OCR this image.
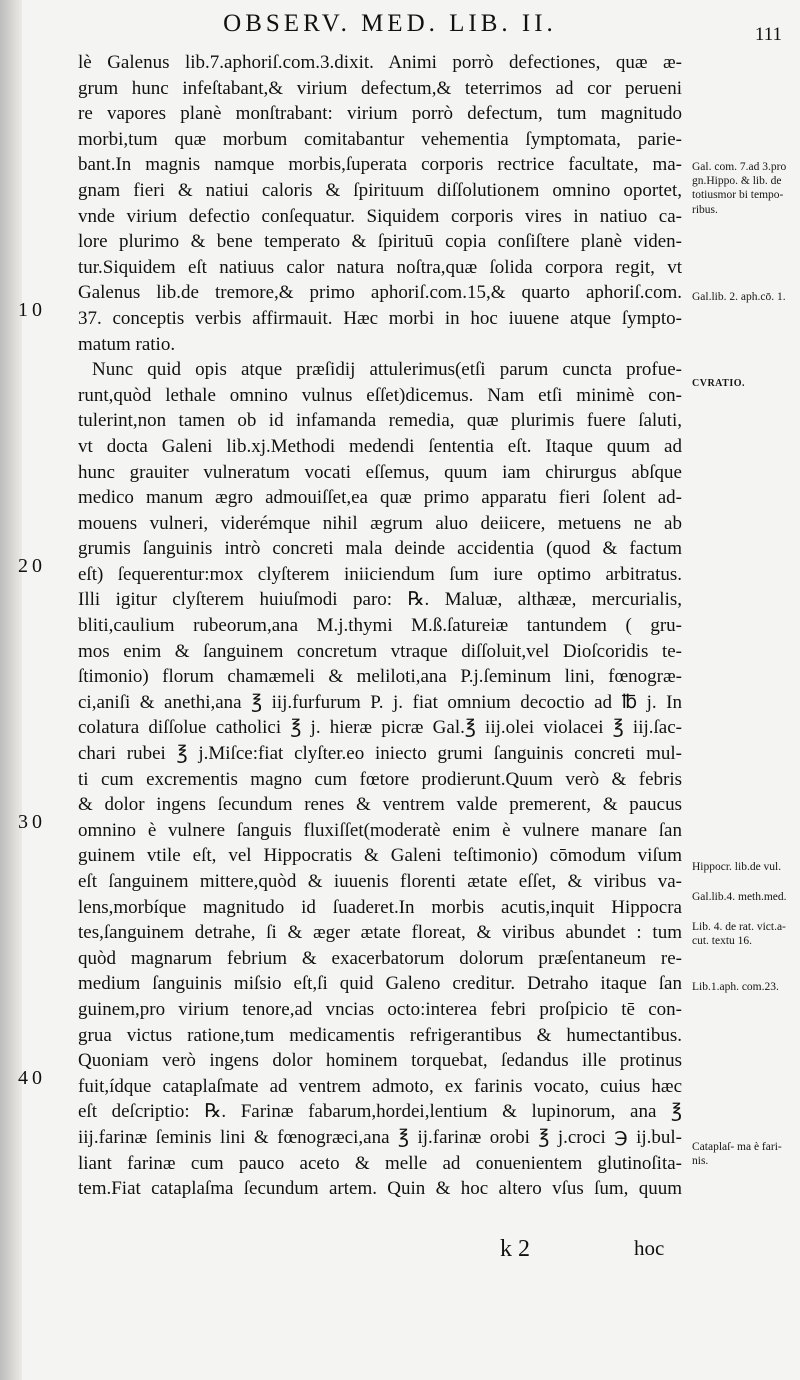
OBSERV. MED. LIB. II.	111
lè Galenus lib.7.aphoriſ.com.3.dixit. Animi porrò defectiones, quæ æ-
grum hunc infeſtabant,& virium defectum,& teterrimos ad cor perueni
re vapores planè monſtrabant: virium porrò defectum, tum magnitudo
morbi,tum quæ morbum comitabantur vehementia ſymptomata, parie-
bant.In magnis namque morbis,ſuperata corporis rectrice facultate, ma-
gnam fieri & natiui caloris & ſpirituum diſſolutionem omnino oportet,
vnde virium defectio conſequatur. Siquidem corporis vires in natiuo ca-
lore plurimo & bene temperato & ſpirituū copia conſiſtere planè viden-
tur.Siquidem eſt natiuus calor natura noſtra,quæ ſolida corpora regit, vt
Galenus lib.de tremore,& primo aphoriſ.com.15,& quarto aphoriſ.com.
37. conceptis verbis affirmauit. Hæc morbi in hoc iuuene atque ſympto-
matum ratio.
Nunc quid opis atque præſidij attulerimus(etſi parum cuncta profue-
runt,quòd lethale omnino vulnus eſſet)dicemus. Nam etſi minimè con-
tulerint,non tamen ob id infamanda remedia, quæ plurimis fuere ſaluti,
vt docta Galeni lib.xj.Methodi medendi ſententia eſt. Itaque quum ad
hunc grauiter vulneratum vocati eſſemus, quum iam chirurgus abſque
medico manum ægro admouiſſet,ea quæ primo apparatu fieri ſolent ad-
mouens vulneri, viderémque nihil ægrum aluo deiicere, metuens ne ab
grumis ſanguinis intrò concreti mala deinde accidentia (quod & factum
eſt) ſequerentur:mox clyſterem iniiciendum ſum iure optimo arbitratus.
Illi igitur clyſterem huiuſmodi paro: ℞. Maluæ, althææ, mercurialis,
bliti,caulium rubeorum,ana M.j.thymi M.ß.ſatureiæ tantundem ( gru-
mos enim & ſanguinem concretum vtraque diſſoluit,vel Dioſcoridis te-
ſtimonio) florum chamæmeli & meliloti,ana P.j.ſeminum lini, fœnogræ-
ci,aniſi & anethi,ana ℥ iij.furfurum P. j. fiat omnium decoctio ad ℔ j. In
colatura diſſolue catholici ℥ j. hieræ picræ Gal.℥ iij.olei violacei ℥ iij.ſac-
chari rubei ℥ j.Miſce:fiat clyſter.eo iniecto grumi ſanguinis concreti mul-
ti cum excrementis magno cum fœtore prodierunt.Quum verò & febris
& dolor ingens ſecundum renes & ventrem valde premerent, & paucus
omnino è vulnere ſanguis fluxiſſet(moderatè enim è vulnere manare ſan
guinem vtile eſt, vel Hippocratis & Galeni teſtimonio) cōmodum viſum
eſt ſanguinem mittere,quòd & iuuenis florenti ætate eſſet, & viribus va-
lens,morbíque magnitudo id ſuaderet.In morbis acutis,inquit Hippocra
tes,ſanguinem detrahe, ſi & æger ætate floreat, & viribus abundet : tum
quòd magnarum febrium & exacerbatorum dolorum præſentaneum re-
medium ſanguinis miſsio eſt,ſi quid Galeno creditur. Detraho itaque ſan
guinem,pro virium tenore,ad vncias octo:interea febri proſpicio tē con-
grua victus ratione,tum medicamentis refrigerantibus & humectantibus.
Quoniam verò ingens dolor hominem torquebat, ſedandus ille protinus
fuit,ídque cataplaſmate ad ventrem admoto, ex farinis vocato, cuius hæc
eſt deſcriptio: ℞. Farinæ fabarum,hordei,lentium & lupinorum, ana ℥
iij.farinæ ſeminis lini & fœnogræci,ana ℥ ij.farinæ orobi ℥ j.croci ℈ ij.bul-
liant farinæ cum pauco aceto & melle ad conuenientem glutinoſita-
tem.Fiat cataplaſma ſecundum artem. Quin & hoc altero vſus ſum, quum
10
20
30
40
Gal. com. 7.ad 3.pro gn.Hippo. & lib. de totiusmor bi tempo- ribus.
Gal.lib. 2. aph.cō. 1.
CVRATIO.
Hippocr. lib.de vul.
Gal.lib.4. meth.med.
Lib. 4. de rat. vict.a- cut. textu 16.
Lib.1.aph. com.23.
Cataplaſ- ma è fari- nis.
k 2	hoc
